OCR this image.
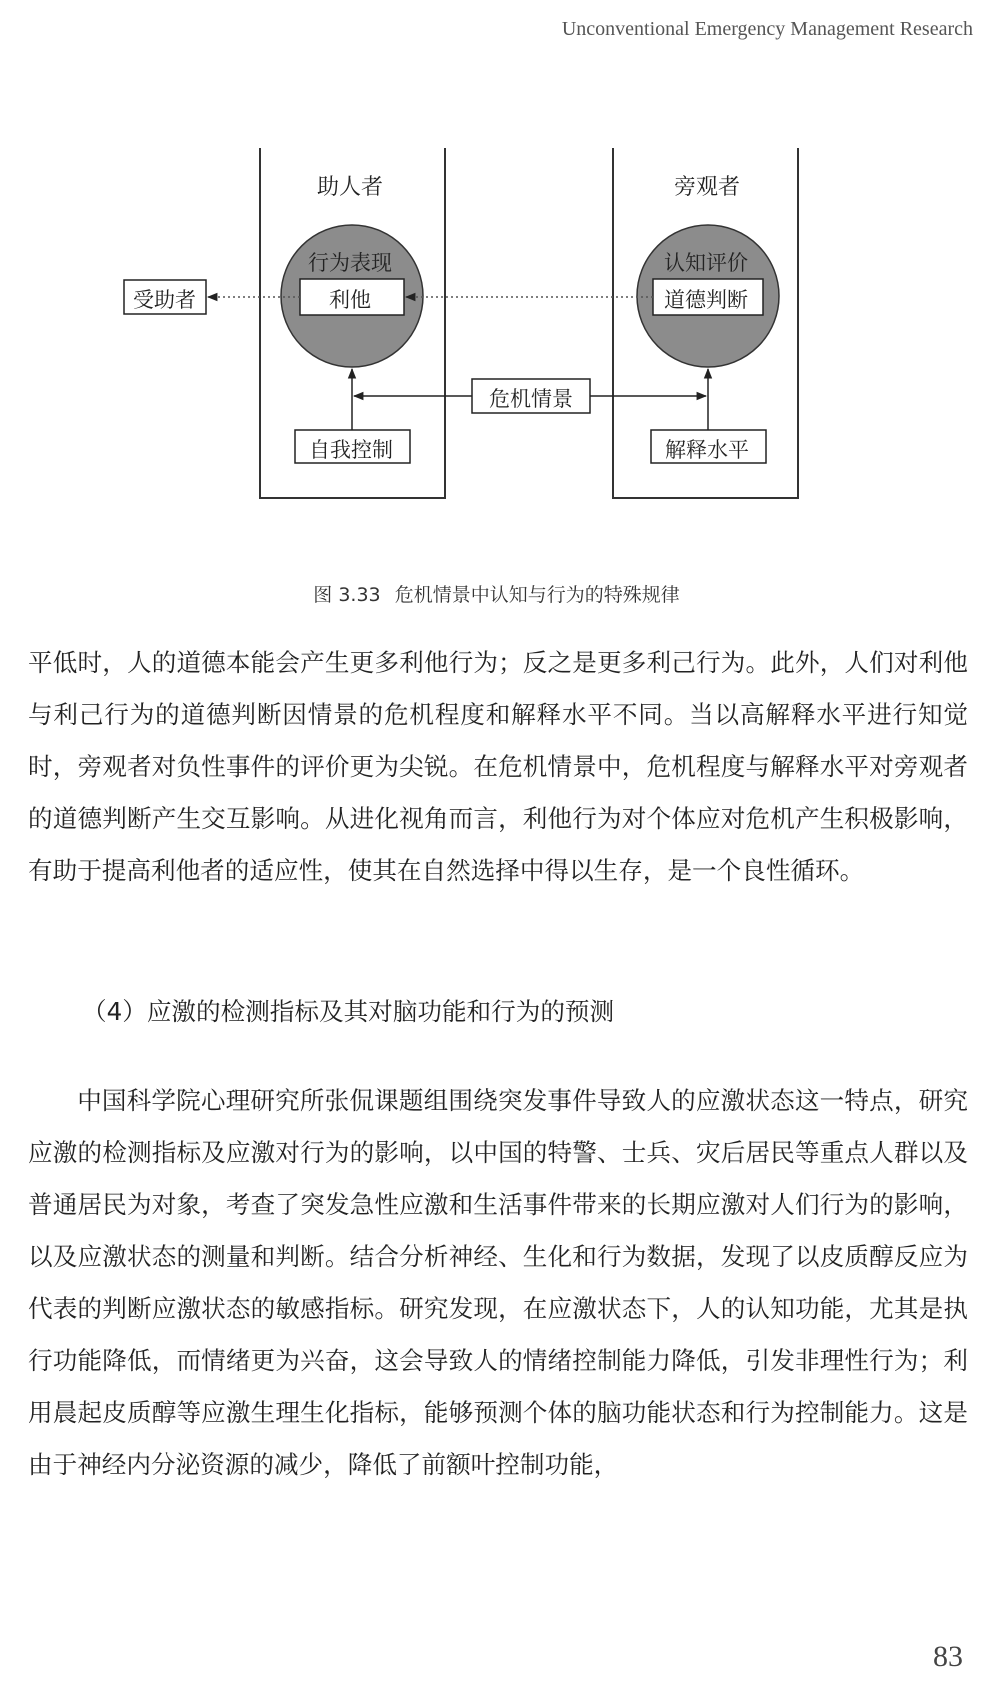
Unconventional Emergency Management Research
助人者	旁观者
行为表现
利他
认知评价
道德判断
受助者
危机情景
自我控制	解释水平
图 3.33 危机情景中认知与行为的特殊规律

平低时，人的道德本能会产生更多利他行为；反之是更多利己行为。此外，人们对利他与利己行为的道德判断因情景的危机程度和解释水平不同。当以高解释水平进行知觉时，旁观者对负性事件的评价更为尖锐。在危机情景中，危机程度与解释水平对旁观者的道德判断产生交互影响。从进化视角而言，利他行为对个体应对危机产生积极影响，有助于提高利他者的适应性，使其在自然选择中得以生存，是一个良性循环。

（4）应激的检测指标及其对脑功能和行为的预测

中国科学院心理研究所张侃课题组围绕突发事件导致人的应激状态这一特点，研究应激的检测指标及应激对行为的影响，以中国的特警、士兵、灾后居民等重点人群以及普通居民为对象，考查了突发急性应激和生活事件带来的长期应激对人们行为的影响，以及应激状态的测量和判断。结合分析神经、生化和行为数据，发现了以皮质醇反应为代表的判断应激状态的敏感指标。研究发现，在应激状态下，人的认知功能，尤其是执行功能降低，而情绪更为兴奋，这会导致人的情绪控制能力降低，引发非理性行为；利用晨起皮质醇等应激生理生化指标，能够预测个体的脑功能状态和行为控制能力。这是由于神经内分泌资源的减少，降低了前额叶控制功能，

83
